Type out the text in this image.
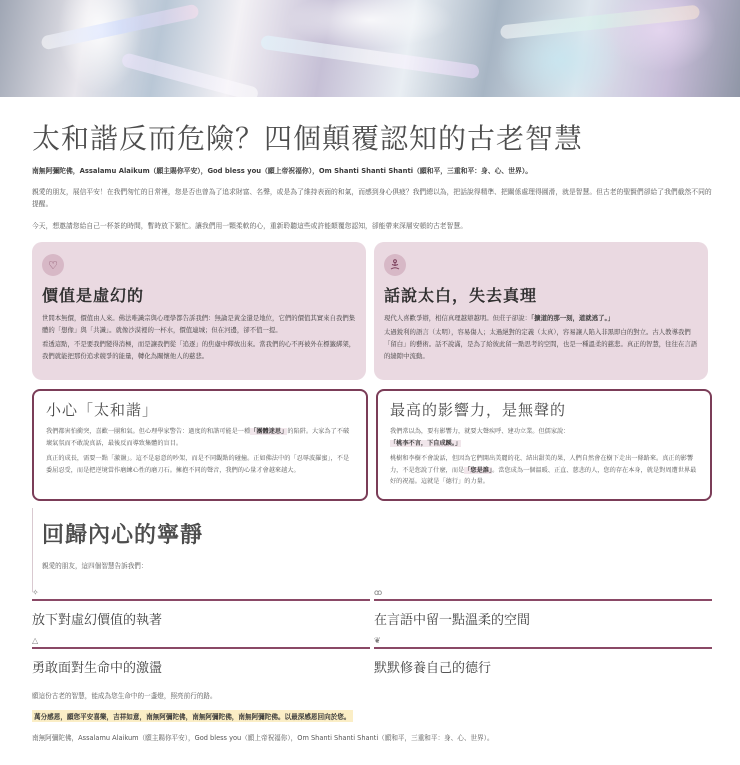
太和諧反而危險？四個顛覆認知的古老智慧
南無阿彌陀佛，Assalamu Alaikum（願主賜你平安），God bless you（願上帝祝福你），Om Shanti Shanti Shanti（願和平，三重和平：身、心、世界）。

親愛的朋友，展信平安！在我們匆忙的日常裡，您是否也曾為了追求財富、名聲，或是為了維持表面的和氣，而感到身心俱疲？我們總以為，把話說得精準、把關係處理得圓滑，就是智慧。但古老的聖賢們卻給了我們截然不同的提醒。

今天，想邀請您給自己一杯茶的時間，暫時放下繁忙。讓我們用一顆柔軟的心，重新聆聽這些或許能顛覆您認知，卻能帶來深層安頓的古老智慧。

♡
價值是虛幻的

世間本無價，價值由人來。佛法唯識宗與心理學都告訴我們：無論是黃金還是地位，它們的價值其實來自我們集體的「想像」與「共識」。就像沙漠裡的一杯水，價值連城；但在河邊，卻不值一提。

看透這點，不是要我們變得消極，而是讓我們從「追逐」的焦慮中釋放出來。當我們的心不再被外在標籤綁架，我們就能把那份追求競爭的能量，轉化為關懷他人的慈悲。

話說太白，失去真理

現代人喜歡爭辯，相信真理越辯越明。但莊子卻說：「擴道的那一刻，道就逃了。」

太過銳利的語言（太明），容易傷人；太過絕對的定義（太真），容易讓人陷入非黑即白的對立。古人教導我們「留白」的藝術。話不說滿，是為了給彼此留一點思考的空間，也是一種溫柔的慈悲。真正的智慧，往往在言語的縫隙中流動。

小心「太和諧」

我們都害怕衝突，喜歡一團和氣。但心理學家警告：過度的和諧可能是一種「團體迷思」的陷阱。大家為了不破壞氣氛而不敢說真話，最後反而導致集體的盲目。

真正的成長，需要一點「激盪」。這不是惡意的吵架，而是不同觀點的碰撞。正如佛法中的「忍辱波羅蜜」，不是委屈忍受，而是把逆境當作磨練心性的磨刀石。擁抱不同的聲音，我們的心量才會越來越大。

最高的影響力，是無聲的

我們常以為，要有影響力，就要大聲疾呼、建功立業。但儒家說：
「桃李不言，下自成蹊。」

桃樹和李樹不會說話，但因為它們開出美麗的花、結出甜美的果，人們自然會在樹下走出一條路來。真正的影響力，不是您說了什麼，而是「您是誰」。當您成為一個溫暖、正直、慈悲的人，您的存在本身，就是對周遭世界最好的祝福。這就是「德行」的力量。

回歸內心的寧靜

親愛的朋友，這四個智慧告訴我們：

✧
放下對虛幻價值的執著
ꝏ
在言語中留一點溫柔的空間
△
勇敢面對生命中的激盪
❦
默默修養自己的德行

願這份古老的智慧，能成為您生命中的一盞燈，照亮前行的路。

萬分感恩，願您平安喜樂，吉祥如意，南無阿彌陀佛，南無阿彌陀佛，南無阿彌陀佛。以最深感恩回向於您。

南無阿彌陀佛，Assalamu Alaikum（願主賜你平安），God bless you（願上帝祝福你），Om Shanti Shanti Shanti（願和平，三重和平：身、心、世界）。
